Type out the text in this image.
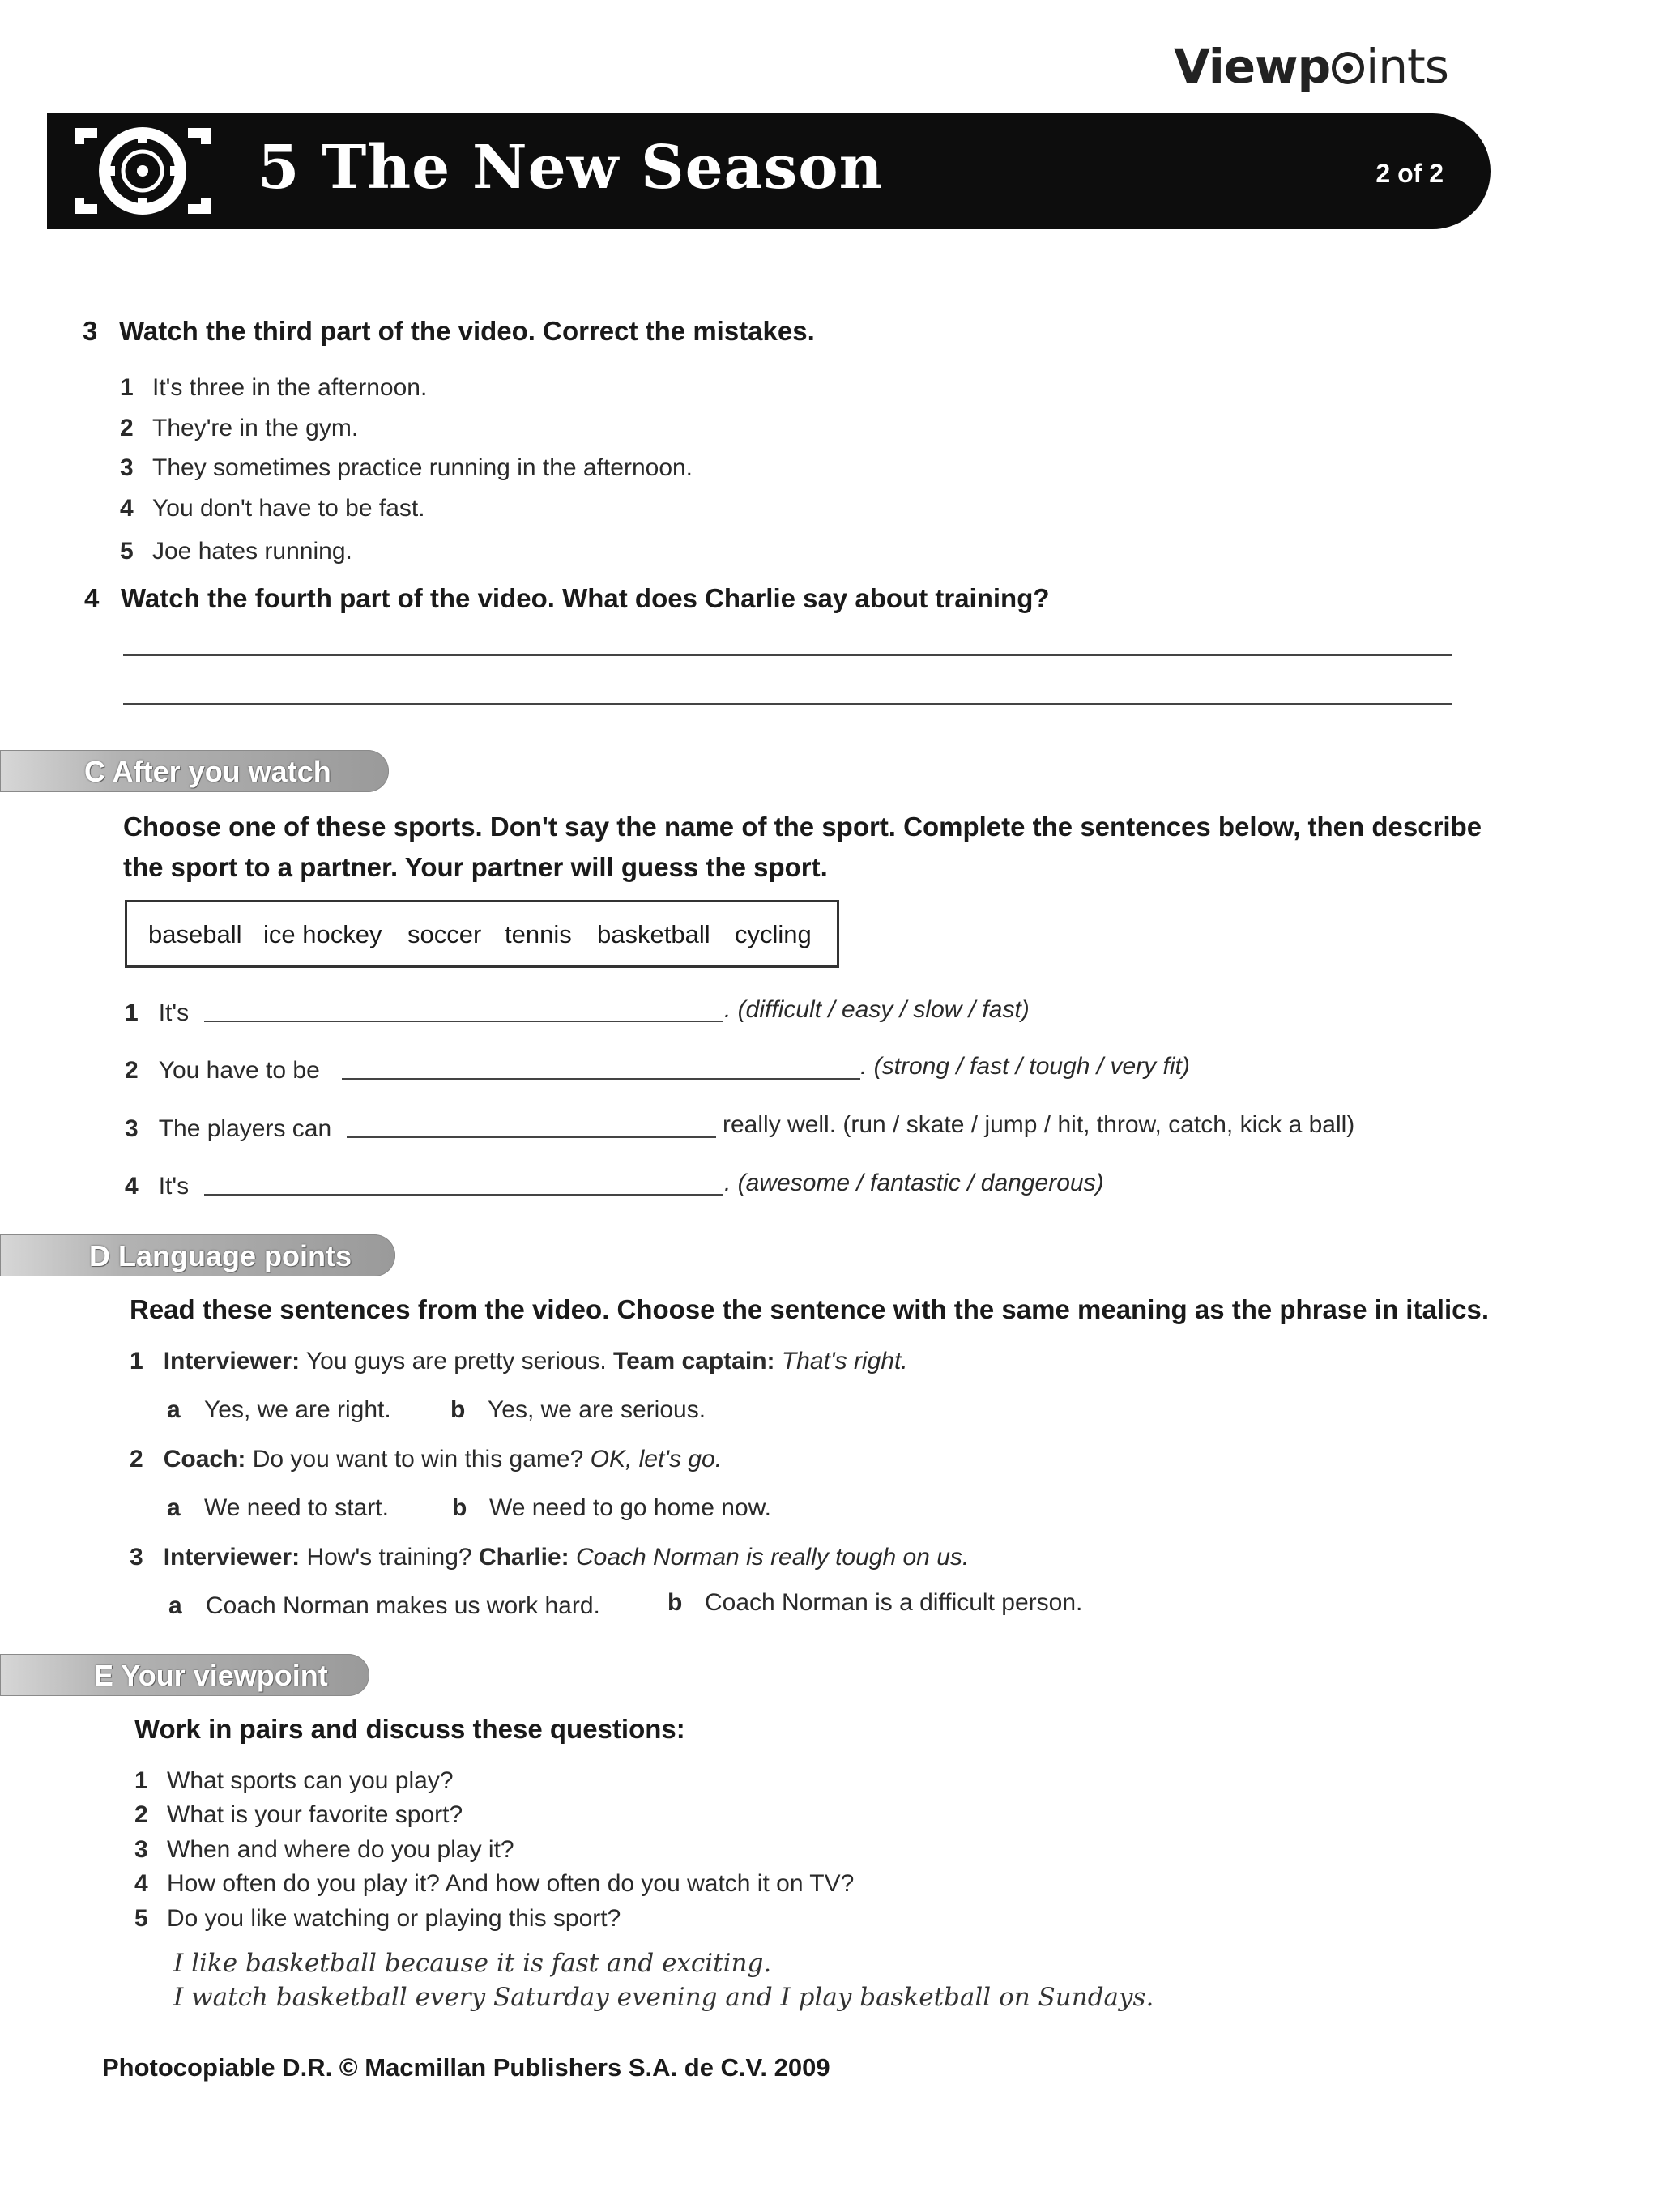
Viewp ints
5 The New Season	2 of 2
3 Watch the third part of the video. Correct the mistakes.
1 It's three in the afternoon.
2 They're in the gym.
3 They sometimes practice running in the afternoon.
4 You don't have to be fast.
5 Joe hates running.
4 Watch the fourth part of the video. What does Charlie say about training?
C After you watch
Choose one of these sports. Don't say the name of the sport. Complete the sentences below, then describe
the sport to a partner. Your partner will guess the sport.
baseball ice hockey soccer tennis basketball cycling
1 It's	. (difficult / easy / slow / fast)
2 You have to be	. (strong / fast / tough / very fit)
3 The players can	really well. (run / skate / jump / hit, throw, catch, kick a ball)
4 It's	. (awesome / fantastic / dangerous)
D Language points
Read these sentences from the video. Choose the sentence with the same meaning as the phrase in italics.
1 Interviewer: You guys are pretty serious. Team captain: That's right.
a Yes, we are right. b Yes, we are serious.
2 Coach: Do you want to win this game? OK, let's go.
a We need to start.	b We need to go home now.
3 Interviewer: How's training? Charlie: Coach Norman is really tough on us.
a Coach Norman makes us work hard.	b Coach Norman is a difficult person.
E Your viewpoint
Work in pairs and discuss these questions:
1 What sports can you play?
2 What is your favorite sport?
3 When and where do you play it?
4 How often do you play it? And how often do you watch it on TV?
5 Do you like watching or playing this sport?
I like basketball because it is fast and exciting.
I watch basketball every Saturday evening and I play basketball on Sundays.
Photocopiable D.R. © Macmillan Publishers S.A. de C.V. 2009
